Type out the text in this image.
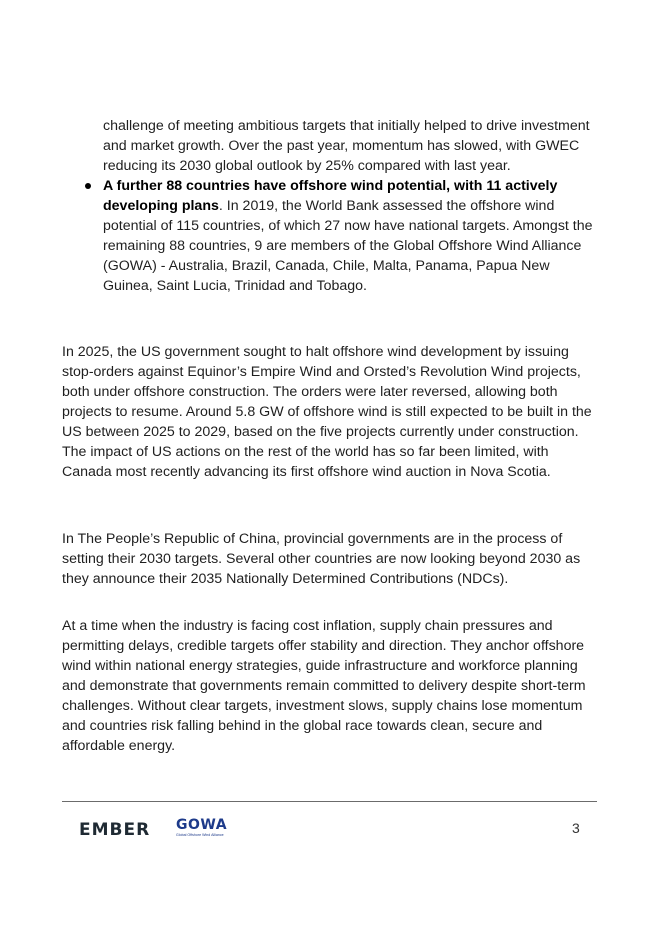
challenge of meeting ambitious targets that initially helped to drive investment and market growth. Over the past year, momentum has slowed, with GWEC reducing its 2030 global outlook by 25% compared with last year.
A further 88 countries have offshore wind potential, with 11 actively developing plans. In 2019, the World Bank assessed the offshore wind potential of 115 countries, of which 27 now have national targets. Amongst the remaining 88 countries, 9 are members of the Global Offshore Wind Alliance (GOWA) - Australia, Brazil, Canada, Chile, Malta, Panama, Papua New Guinea, Saint Lucia, Trinidad and Tobago.

In 2025, the US government sought to halt offshore wind development by issuing stop-orders against Equinor’s Empire Wind and Orsted’s Revolution Wind projects, both under offshore construction. The orders were later reversed, allowing both projects to resume. Around 5.8 GW of offshore wind is still expected to be built in the US between 2025 to 2029, based on the five projects currently under construction. The impact of US actions on the rest of the world has so far been limited, with Canada most recently advancing its first offshore wind auction in Nova Scotia.

In The People’s Republic of China, provincial governments are in the process of setting their 2030 targets. Several other countries are now looking beyond 2030 as they announce their 2035 Nationally Determined Contributions (NDCs).

At a time when the industry is facing cost inflation, supply chain pressures and permitting delays, credible targets offer stability and direction. They anchor offshore wind within national energy strategies, guide infrastructure and workforce planning and demonstrate that governments remain committed to delivery despite short-term challenges. Without clear targets, investment slows, supply chains lose momentum and countries risk falling behind in the global race towards clean, secure and affordable energy.

EMBER GOWA
Global Offshore Wind Alliance	3
